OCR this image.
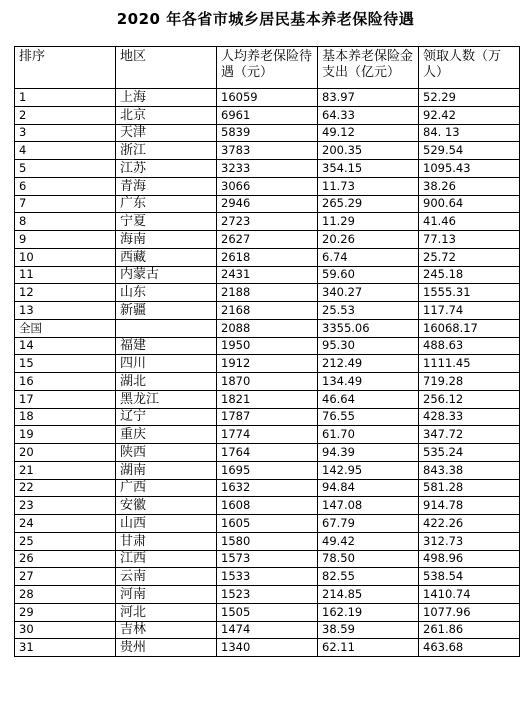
2020 年各省市城乡居民基本养老保险待遇
排序	地区	人均养老保险待遇（元）	基本养老保险金支出（亿元）	领取人数（万人）
1	上海	16059	83.97	52.29
2	北京	6961	64.33	92.42
3	天津	5839	49.12	84. 13
4	浙江	3783	200.35	529.54
5	江苏	3233	354.15	1095.43
6	青海	3066	11.73	38.26
7	广东	2946	265.29	900.64
8	宁夏	2723	11.29	41.46
9	海南	2627	20.26	77.13
10	西藏	2618	6.74	25.72
11	内蒙古	2431	59.60	245.18
12	山东	2188	340.27	1555.31
13	新疆	2168	25.53	117.74
全国		2088	3355.06	16068.17
14	福建	1950	95.30	488.63
15	四川	1912	212.49	1111.45
16	湖北	1870	134.49	719.28
17	黑龙江	1821	46.64	256.12
18	辽宁	1787	76.55	428.33
19	重庆	1774	61.70	347.72
20	陕西	1764	94.39	535.24
21	湖南	1695	142.95	843.38
22	广西	1632	94.84	581.28
23	安徽	1608	147.08	914.78
24	山西	1605	67.79	422.26
25	甘肃	1580	49.42	312.73
26	江西	1573	78.50	498.96
27	云南	1533	82.55	538.54
28	河南	1523	214.85	1410.74
29	河北	1505	162.19	1077.96
30	吉林	1474	38.59	261.86
31	贵州	1340	62.11	463.68
